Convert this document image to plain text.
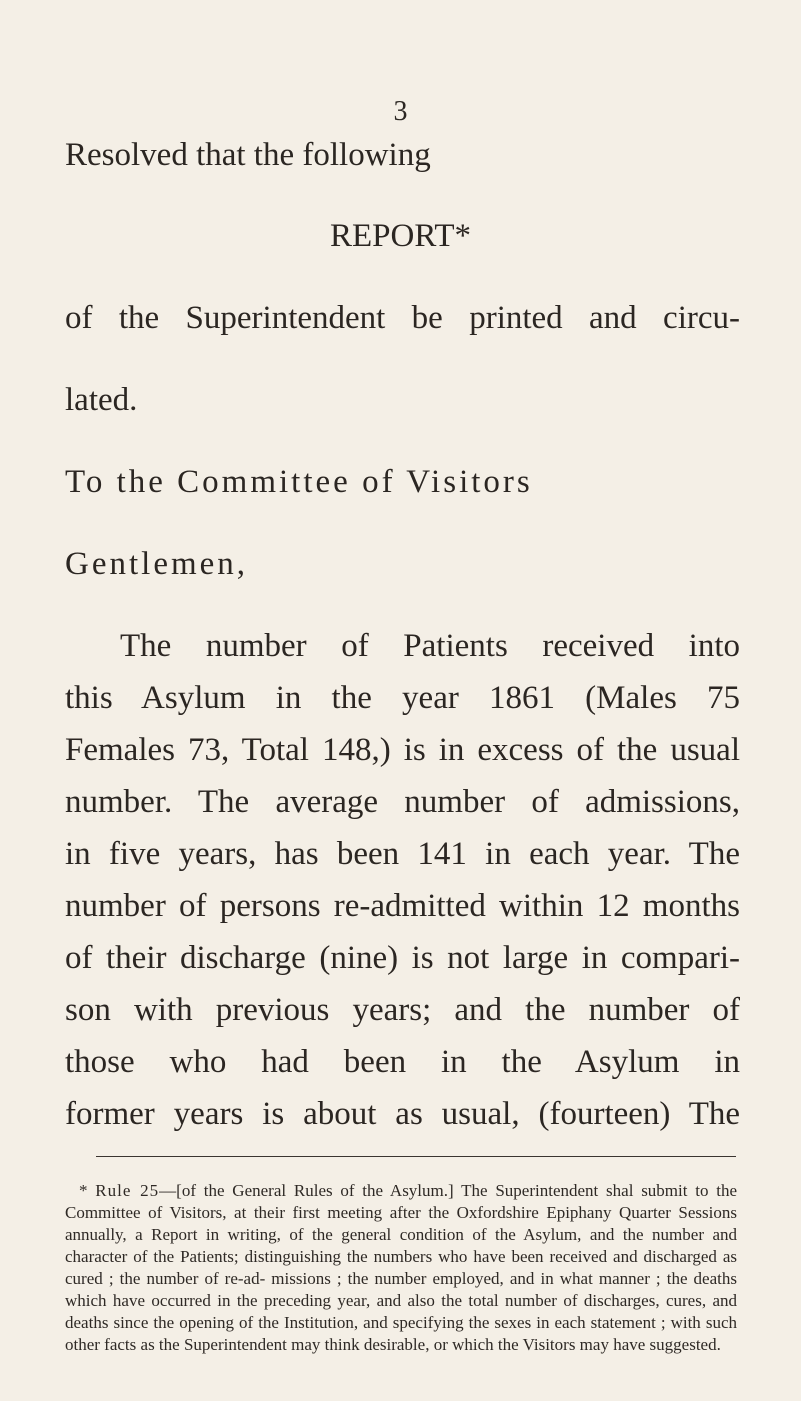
3
Resolved that the following
REPORT*
of the Superintendent be printed and circu-
lated.
To the Committee of Visitors
Gentlemen,
The number of Patients received into
this Asylum in the year 1861 (Males 75
Females 73, Total 148,) is in excess of the usual
number. The average number of admissions,
in five years, has been 141 in each year. The
number of persons re-admitted within 12 months
of their discharge (nine) is not large in compari-
son with previous years; and the number of
those who had been in the Asylum in
former years is about as usual, (fourteen) The
* Rule 25—[of the General Rules of the Asylum.] The Superintendent shal submit to the Committee of Visitors, at their first meeting after the Oxfordshire Epiphany Quarter Sessions annually, a Report in writing, of the general condition of the Asylum, and the number and character of the Patients; distinguishing the numbers who have been received and discharged as cured ; the number of re-ad- missions ; the number employed, and in what manner ; the deaths which have occurred in the preceding year, and also the total number of discharges, cures, and deaths since the opening of the Institution, and specifying the sexes in each statement ; with such other facts as the Superintendent may think desirable, or which the Visitors may have suggested.
